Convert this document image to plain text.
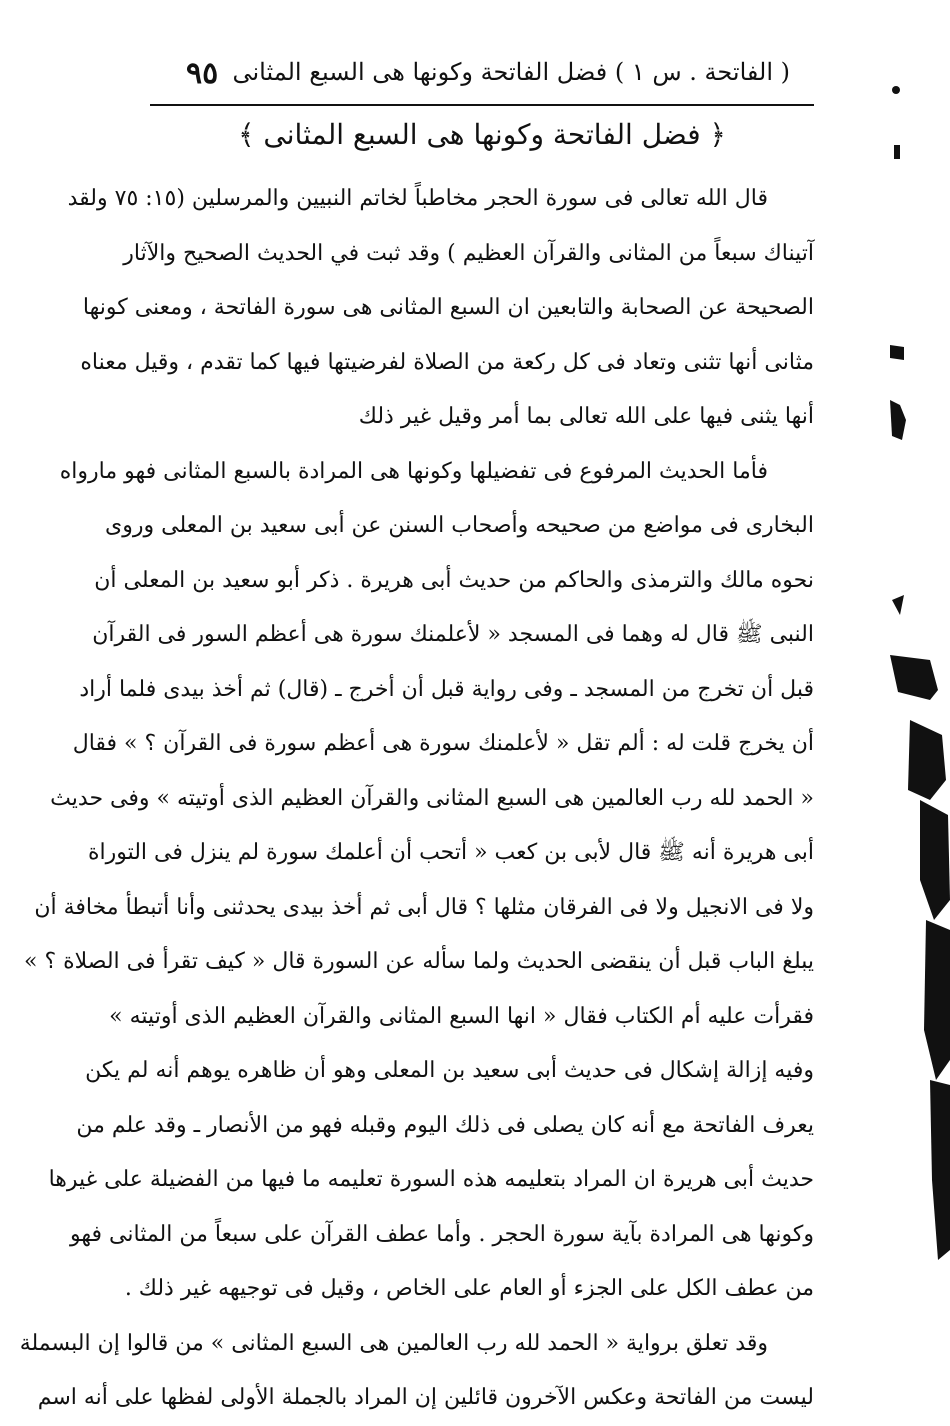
( الفاتحة . س ١ ) فضل الفاتحة وكونها هى السبع المثانى
٩٥
﴿ فضل الفاتحة وكونها هى السبع المثانى ﴾
قال الله تعالى فى سورة الحجر مخاطباً لخاتم النبيين والمرسلين (١٥: ٧٥ ولقد
آتيناك سبعاً من المثانى والقرآن العظيم ) وقد ثبت في الحديث الصحيح والآثار
الصحيحة عن الصحابة والتابعين ان السبع المثانى هى سورة الفاتحة ، ومعنى كونها
مثانى أنها تثنى وتعاد فى كل ركعة من الصلاة لفرضيتها فيها كما تقدم ، وقيل معناه
أنها يثنى فيها على الله تعالى بما أمر وقيل غير ذلك
فأما الحديث المرفوع فى تفضيلها وكونها هى المرادة بالسبع المثانى فهو مارواه
البخارى فى مواضع من صحيحه وأصحاب السنن عن أبى سعيد بن المعلى وروى
نحوه مالك والترمذى والحاكم من حديث أبى هريرة . ذكر أبو سعيد بن المعلى أن
النبى ﷺ قال له وهما فى المسجد « لأعلمنك سورة هى أعظم السور فى القرآن
قبل أن تخرج من المسجد ـ وفى رواية قبل أن أخرج ـ (قال) ثم أخذ بيدى فلما أراد
أن يخرج قلت له : ألم تقل « لأعلمنك سورة هى أعظم سورة فى القرآن ؟ » فقال
« الحمد لله رب العالمين هى السبع المثانى والقرآن العظيم الذى أوتيته » وفى حديث
أبى هريرة أنه ﷺ قال لأبى بن كعب « أتحب أن أعلمك سورة لم ينزل فى التوراة
ولا فى الانجيل ولا فى الفرقان مثلها ؟ قال أبى ثم أخذ بيدى يحدثنى وأنا أتبطأ مخافة أن
يبلغ الباب قبل أن ينقضى الحديث ولما سأله عن السورة قال « كيف تقرأ فى الصلاة ؟ »
فقرأت عليه أم الكتاب فقال « انها السبع المثانى والقرآن العظيم الذى أوتيته »
وفيه إزالة إشكال فى حديث أبى سعيد بن المعلى وهو أن ظاهره يوهم أنه لم يكن
يعرف الفاتحة مع أنه كان يصلى فى ذلك اليوم وقبله فهو من الأنصار ـ وقد علم من
حديث أبى هريرة ان المراد بتعليمه هذه السورة تعليمه ما فيها من الفضيلة على غيرها
وكونها هى المرادة بآية سورة الحجر . وأما عطف القرآن على سبعاً من المثانى فهو
من عطف الكل على الجزء أو العام على الخاص ، وقيل فى توجيهه غير ذلك .
وقد تعلق برواية « الحمد لله رب العالمين هى السبع المثانى » من قالوا إن البسملة
ليست من الفاتحة وعكس الآخرون قائلين إن المراد بالجملة الأولى لفظها على أنه اسم
